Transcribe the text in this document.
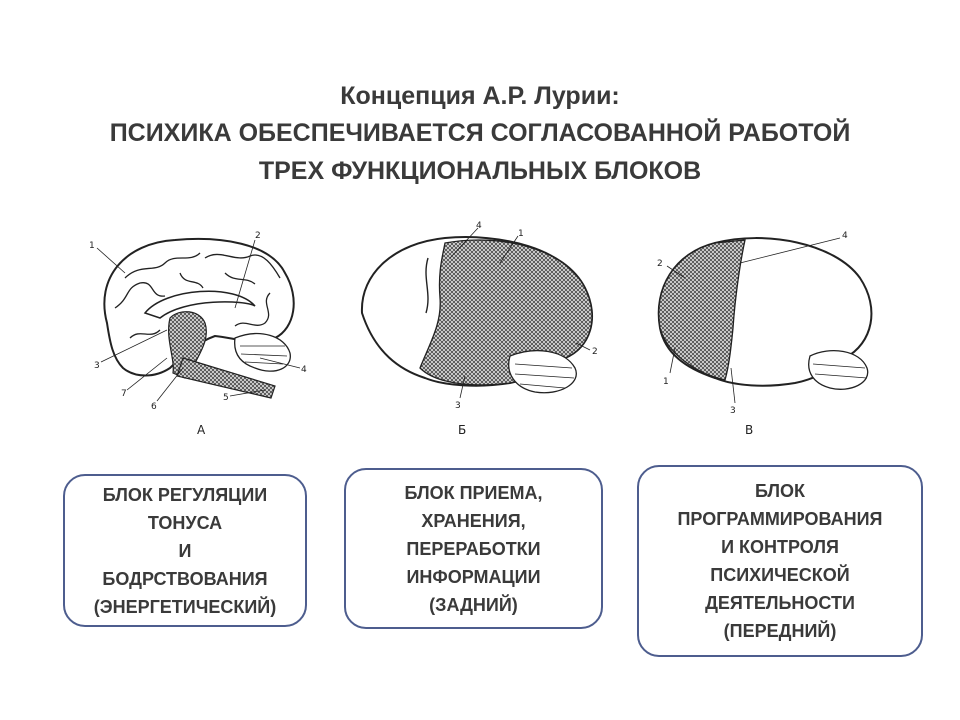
Концепция А.Р. Лурии:
ПСИХИКА ОБЕСПЕЧИВАЕТСЯ СОГЛАСОВАННОЙ РАБОТОЙ
ТРЕХ ФУНКЦИОНАЛЬНЫХ БЛОКОВ
1
2
3	4
5
6
7
А
4
1
2
3
Б
2
4
1
3
В
БЛОК РЕГУЛЯЦИИ
ТОНУСА
И
БОДРСТВОВАНИЯ
(ЭНЕРГЕТИЧЕСКИЙ)
БЛОК ПРИЕМА,
ХРАНЕНИЯ,
ПЕРЕРАБОТКИ
ИНФОРМАЦИИ
(ЗАДНИЙ)
БЛОК
ПРОГРАММИРОВАНИЯ
И КОНТРОЛЯ
ПСИХИЧЕСКОЙ
ДЕЯТЕЛЬНОСТИ
(ПЕРЕДНИЙ)
